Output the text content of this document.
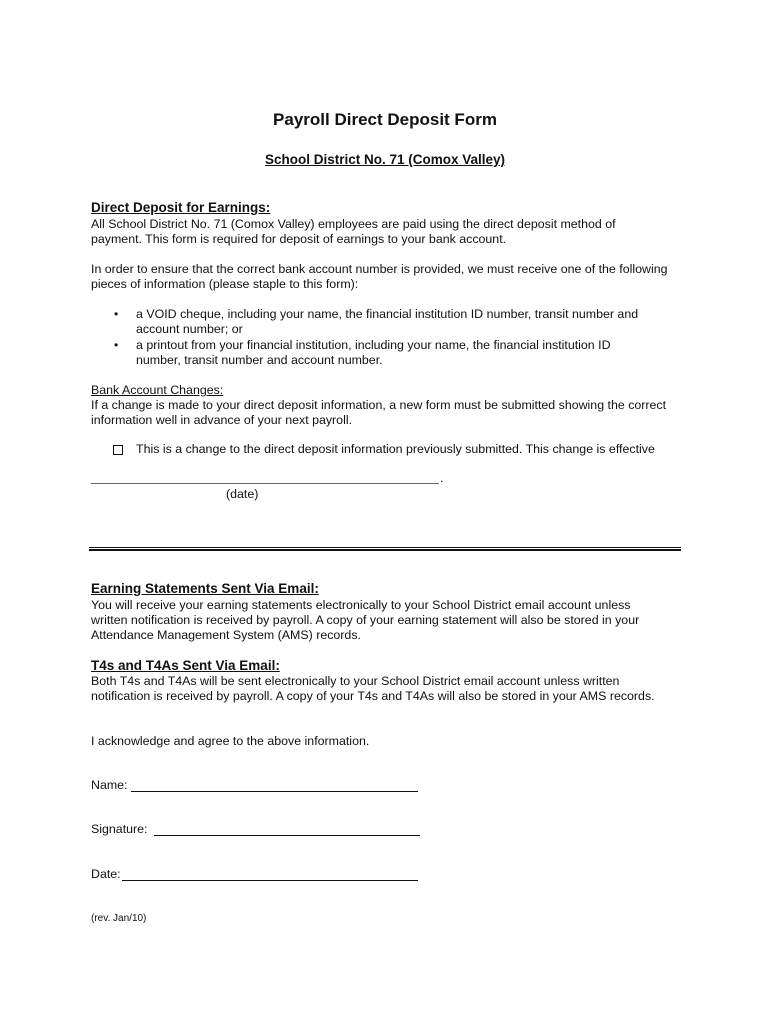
Payroll Direct Deposit Form
School District No. 71 (Comox Valley)
Direct Deposit for Earnings:
All School District No. 71 (Comox Valley) employees are paid using the direct deposit method of
payment. This form is required for deposit of earnings to your bank account.
In order to ensure that the correct bank account number is provided, we must receive one of the following
pieces of information (please staple to this form):
• a VOID cheque, including your name, the financial institution ID number, transit number and
account number; or
• a printout from your financial institution, including your name, the financial institution ID
number, transit number and account number.
Bank Account Changes:
If a change is made to your direct deposit information, a new form must be submitted showing the correct
information well in advance of your next payroll.
This is a change to the direct deposit information previously submitted. This change is effective
.
(date)
Earning Statements Sent Via Email:
You will receive your earning statements electronically to your School District email account unless
written notification is received by payroll. A copy of your earning statement will also be stored in your
Attendance Management System (AMS) records.
T4s and T4As Sent Via Email:
Both T4s and T4As will be sent electronically to your School District email account unless written
notification is received by payroll. A copy of your T4s and T4As will also be stored in your AMS records.
I acknowledge and agree to the above information.
Name:
Signature:
Date:
(rev. Jan/10)
